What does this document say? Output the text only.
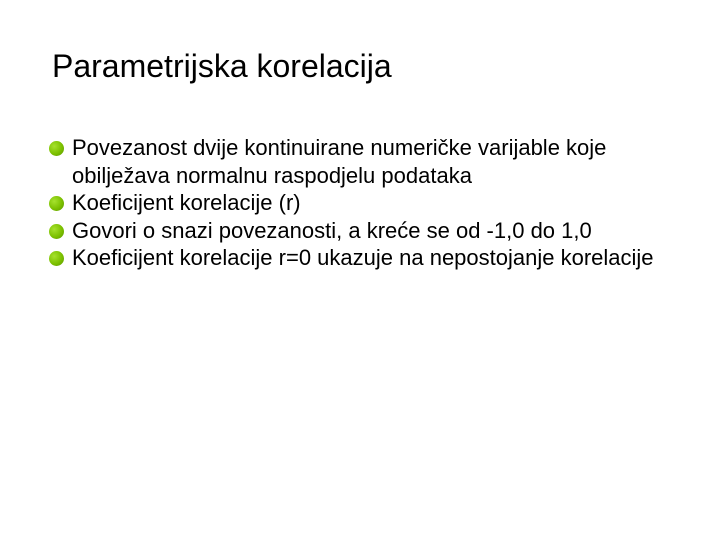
Parametrijska korelacija
Povezanost dvije kontinuirane numeričke varijable koje obilježava normalnu raspodjelu podataka
Koeficijent korelacije (r)
Govori o snazi povezanosti, a kreće se od -1,0 do 1,0
Koeficijent korelacije r=0 ukazuje na nepostojanje korelacije
